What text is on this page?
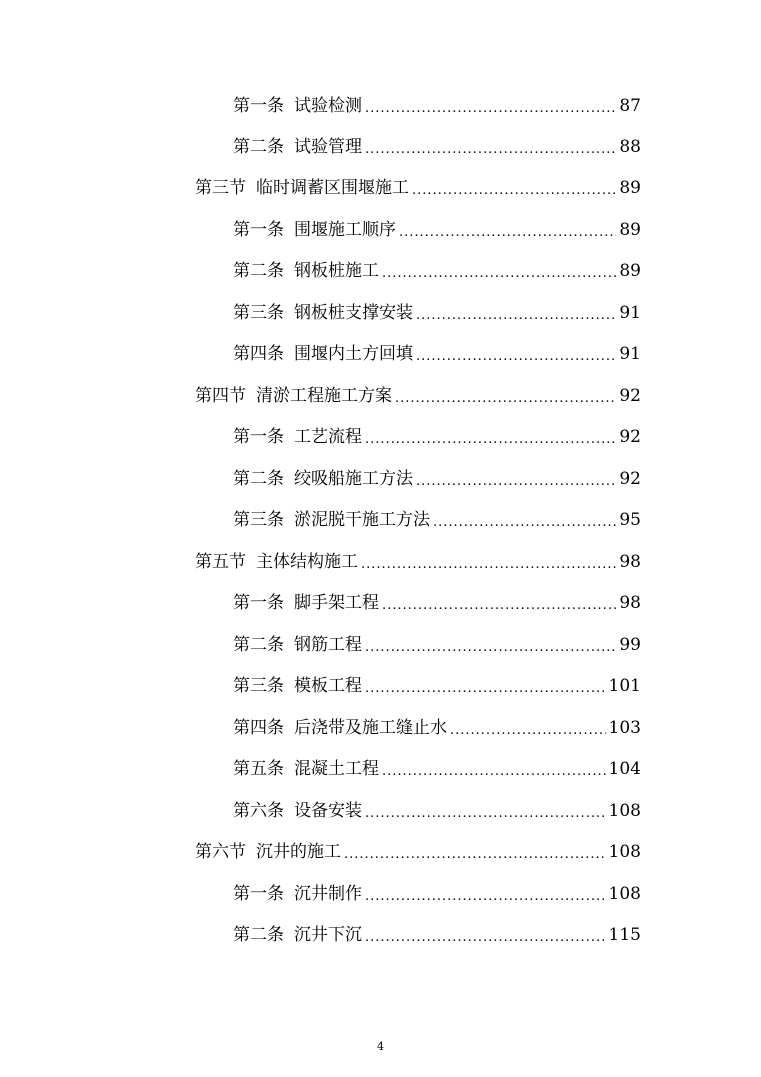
第一条 试验检测 .....	87
第二条 试验管理 .....	88
第三节 临时调蓄区围堰施工 .....	89
第一条 围堰施工顺序 .....	89
第二条 钢板桩施工 .....	89
第三条 钢板桩支撑安装 .....	91
第四条 围堰内土方回填 .....	91
第四节 清淤工程施工方案 .....	92
第一条 工艺流程 .....	92
第二条 绞吸船施工方法 .....	92
第三条 淤泥脱干施工方法 .....	95
第五节 主体结构施工 .....	98
第一条 脚手架工程 .....	98
第二条 钢筋工程 .....	99
第三条 模板工程 .....	101
第四条 后浇带及施工缝止水 .....	103
第五条 混凝土工程 .....	104
第六条 设备安装 .....	108
第六节 沉井的施工 .....	108
第一条 沉井制作 .....	108
第二条 沉井下沉 .....	115
4
